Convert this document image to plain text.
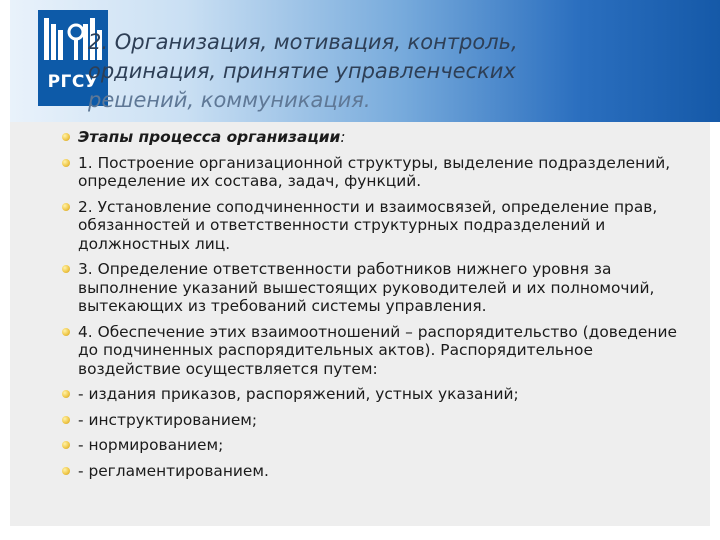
РГСУ
2. Организация, мотивация, контроль,
ординация, принятие управленческих
решений, коммуникация.
Этапы процесса организации:
1. Построение организационной структуры, выделение подразделений, определение их состава, задач, функций.
2. Установление соподчиненности и взаимосвязей, определение прав, обязанностей и ответственности структурных подразделений и должностных лиц.
3. Определение ответственности работников нижнего уровня за выполнение указаний вышестоящих руководителей и их полномочий, вытекающих из требований системы управления.
4. Обеспечение этих взаимоотношений – распорядительство (доведение до подчиненных распорядительных актов). Распорядительное воздействие осуществляется путем:
- издания приказов, распоряжений, устных указаний;
- инструктированием;
- нормированием;
- регламентированием.
